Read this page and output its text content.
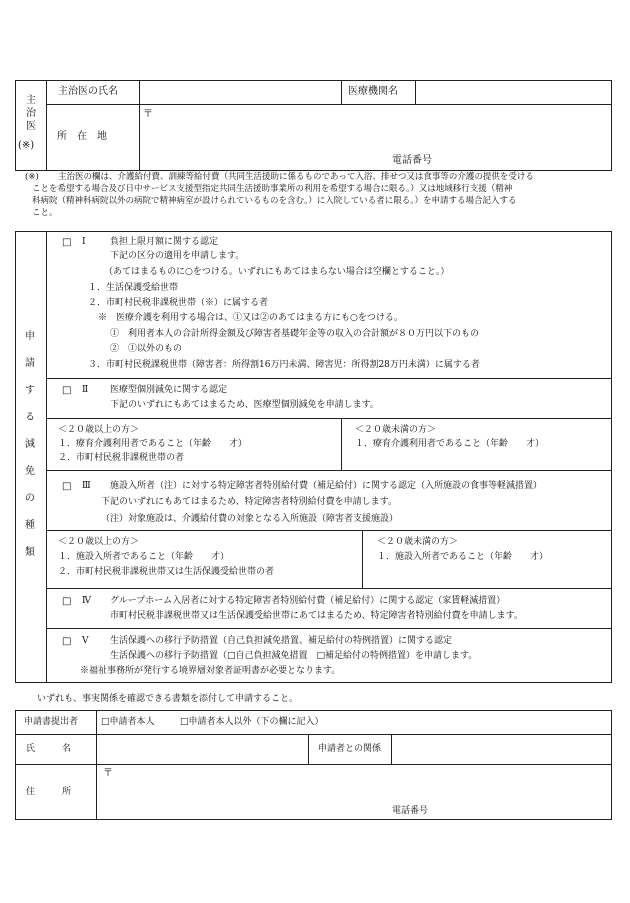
主
治
医
(※)
主治医の氏名	医療機関名
所　在　地
〒
電話番号
(※) 主治医の欄は、介護給付費、訓練等給付費（共同生活援助に係るものであって入浴、排せつ又は食事等の介護の提供を受ける
ことを希望する場合及び日中サービス支援型指定共同生活援助事業所の利用を希望する場合に限る。）又は地域移行支援（精神
科病院（精神科病院以外の病院で精神病室が設けられているものを含む。）に入院している者に限る。）を申請する場合記入する
こと。
申
請
す
る
減
免
の
種
類
□ Ⅰ	負担上限月額に関する認定
下記の区分の適用を申請します。
（あてはまるものに○をつける。いずれにもあてはまらない場合は空欄とすること。）
１．生活保護受給世帯
２．市町村民税非課税世帯（※）に属する者
※　医療介護を利用する場合は、①又は②のあてはまる方にも○をつける。
①　利用者本人の合計所得金額及び障害者基礎年金等の収入の合計額が８０万円以下のもの
②　①以外のもの
３．市町村民税課税世帯（障害者：所得割16万円未満、障害児：所得割28万円未満）に属する者
□ Ⅱ 医療型個別減免に関する認定
下記のいずれにもあてはまるため、医療型個別減免を申請します。
＜２０歳以上の方＞
１．療育介護利用者であること（年齢　　才）
２．市町村民税非課税世帯の者
＜２０歳未満の方＞
１．療育介護利用者であること（年齢　　才）
□ Ⅲ 施設入所者（注）に対する特定障害者特別給付費（補足給付）に関する認定（入所施設の食事等軽減措置）
下記のいずれにもあてはまるため、特定障害者特別給付費を申請します。
（注）対象施設は、介護給付費の対象となる入所施設（障害者支援施設）
＜２０歳以上の方＞
１．施設入所者であること（年齢　　才）
２．市町村民税非課税世帯又は生活保護受給世帯の者
＜２０歳未満の方＞
１．施設入所者であること（年齢　　才）
□ Ⅳ グループホーム入居者に対する特定障害者特別給付費（補足給付）に関する認定（家賃軽減措置）
市町村民税非課税世帯又は生活保護受給世帯にあてはまるため、特定障害者特別給付費を申請します。
□ Ⅴ 生活保護への移行予防措置（自己負担減免措置、補足給付の特例措置）に関する認定
生活保護への移行予防措置（□自己負担減免措置　□補足給付の特例措置）を申請します。
※福祉事務所が発行する境界層対象者証明書が必要となります。
いずれも、事実関係を確認できる書類を添付して申請すること。
申請書提出者	□申請者本人	□申請者本人以外（下の欄に記入）
氏　　　名	申請者との関係
住　　　所
〒
電話番号
